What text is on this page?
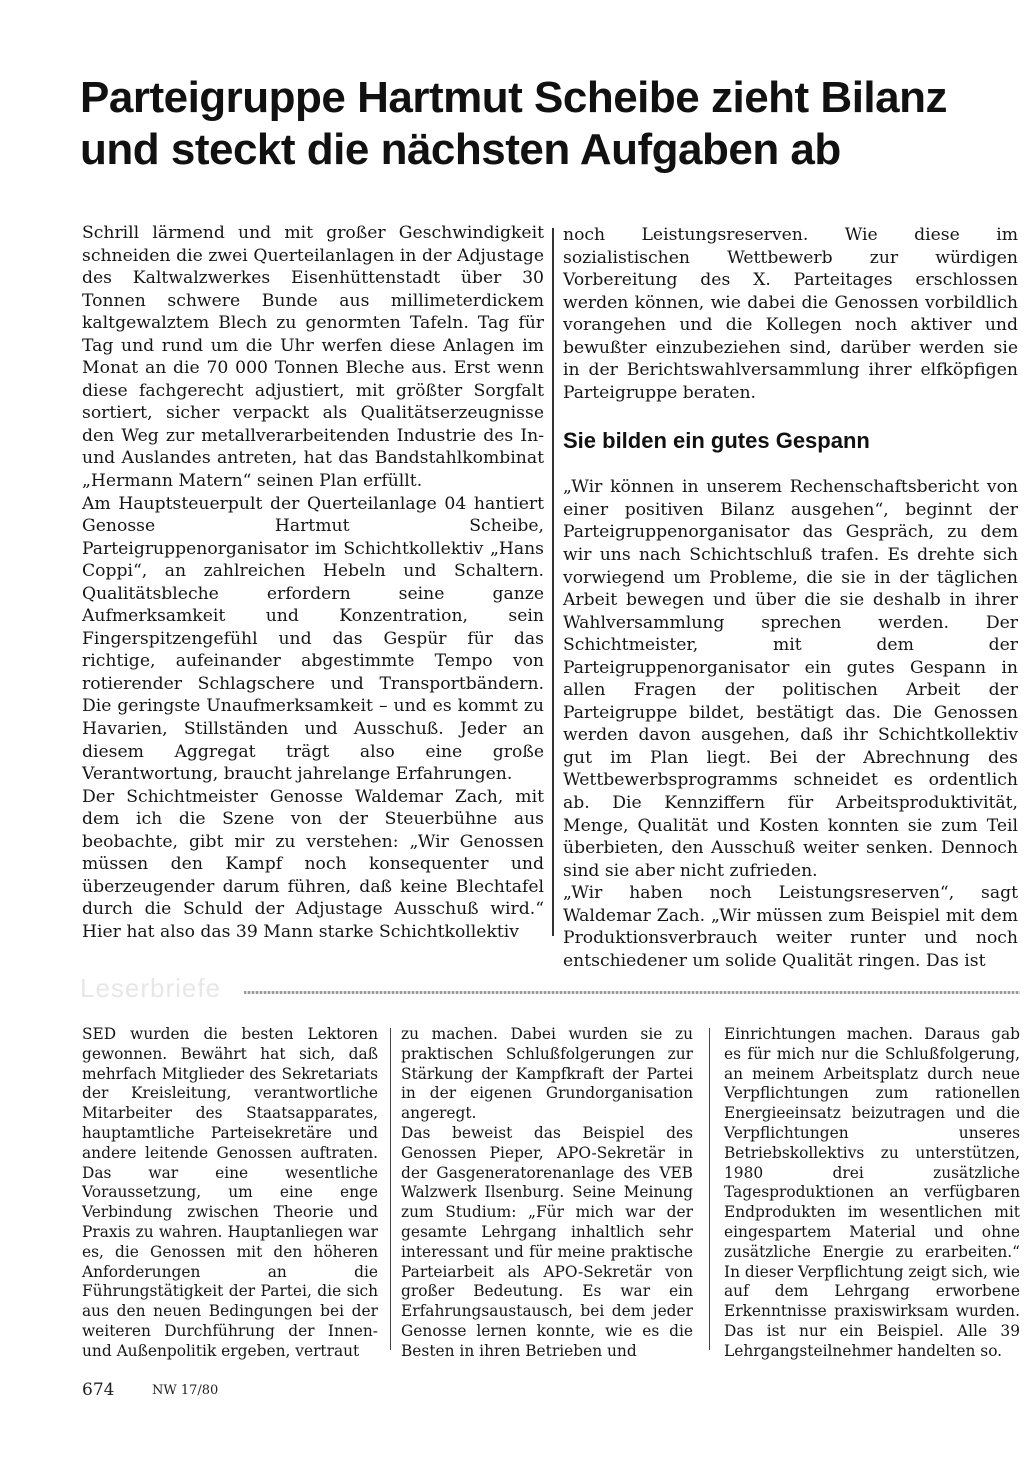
Parteigruppe Hartmut Scheibe zieht Bilanz
und steckt die nächsten Aufgaben ab

Schrill lärmend und mit großer Geschwindigkeit schneiden die zwei Querteilanlagen in der Adjustage des Kaltwalzwerkes Eisenhüttenstadt über 30 Tonnen schwere Bunde aus millimeterdickem kaltgewalztem Blech zu genormten Tafeln. Tag für Tag und rund um die Uhr werfen diese Anlagen im Monat an die 70 000 Tonnen Bleche aus. Erst wenn diese fachgerecht adjustiert, mit größter Sorgfalt sortiert, sicher verpackt als Qualitätserzeugnisse den Weg zur metallverarbeitenden Industrie des In- und Auslandes antreten, hat das Bandstahlkombinat „Hermann Matern“ seinen Plan erfüllt.

Am Hauptsteuerpult der Querteilanlage 04 hantiert Genosse Hartmut Scheibe, Parteigruppenorganisator im Schichtkollektiv „Hans Coppi“, an zahlreichen Hebeln und Schaltern. Qualitätsbleche erfordern seine ganze Aufmerksamkeit und Konzentration, sein Fingerspitzengefühl und das Gespür für das richtige, aufeinander abgestimmte Tempo von rotierender Schlagschere und Transportbändern. Die geringste Unaufmerksamkeit – und es kommt zu Havarien, Stillständen und Ausschuß. Jeder an diesem Aggregat trägt also eine große Verantwortung, braucht jahrelange Erfahrungen.

Der Schichtmeister Genosse Waldemar Zach, mit dem ich die Szene von der Steuerbühne aus beobachte, gibt mir zu verstehen: „Wir Genossen müssen den Kampf noch konsequenter und überzeugender darum führen, daß keine Blechtafel durch die Schuld der Adjustage Ausschuß wird.“ Hier hat also das 39 Mann starke Schichtkollektiv

noch Leistungsreserven. Wie diese im sozialistischen Wettbewerb zur würdigen Vorbereitung des X. Parteitages erschlossen werden können, wie dabei die Genossen vorbildlich vorangehen und die Kollegen noch aktiver und bewußter einzubeziehen sind, darüber werden sie in der Berichtswahlversammlung ihrer elfköpfigen Parteigruppe beraten.

Sie bilden ein gutes Gespann

„Wir können in unserem Rechenschaftsbericht von einer positiven Bilanz ausgehen“, beginnt der Parteigruppenorganisator das Gespräch, zu dem wir uns nach Schichtschluß trafen. Es drehte sich vorwiegend um Probleme, die sie in der täglichen Arbeit bewegen und über die sie deshalb in ihrer Wahlversammlung sprechen werden. Der Schichtmeister, mit dem der Parteigruppenorganisator ein gutes Gespann in allen Fragen der politischen Arbeit der Parteigruppe bildet, bestätigt das. Die Genossen werden davon ausgehen, daß ihr Schichtkollektiv gut im Plan liegt. Bei der Abrechnung des Wettbewerbsprogramms schneidet es ordentlich ab. Die Kennziffern für Arbeitsproduktivität, Menge, Qualität und Kosten konnten sie zum Teil überbieten, den Ausschuß weiter senken. Dennoch sind sie aber nicht zufrieden.

„Wir haben noch Leistungsreserven“, sagt Waldemar Zach. „Wir müssen zum Beispiel mit dem Produktionsverbrauch weiter runter und noch entschiedener um solide Qualität ringen. Das ist

Leserbriefe

SED wurden die besten Lektoren gewonnen. Bewährt hat sich, daß mehrfach Mitglieder des Sekretariats der Kreisleitung, verantwortliche Mitarbeiter des Staatsapparates, hauptamtliche Parteisekretäre und andere leitende Genossen auftraten. Das war eine wesentliche Voraussetzung, um eine enge Verbindung zwischen Theorie und Praxis zu wahren. Hauptanliegen war es, die Genossen mit den höheren Anforderungen an die Führungstätigkeit der Partei, die sich aus den neuen Bedingungen bei der weiteren Durchführung der Innen- und Außenpolitik ergeben, vertraut

zu machen. Dabei wurden sie zu praktischen Schlußfolgerungen zur Stärkung der Kampfkraft der Partei in der eigenen Grundorganisation angeregt.

Das beweist das Beispiel des Genossen Pieper, APO-Sekretär in der Gasgeneratorenanlage des VEB Walzwerk Ilsenburg. Seine Meinung zum Studium: „Für mich war der gesamte Lehrgang inhaltlich sehr interessant und für meine praktische Parteiarbeit als APO-Sekretär von großer Bedeutung. Es war ein Erfahrungsaustausch, bei dem jeder Genosse lernen konnte, wie es die Besten in ihren Betrieben und

Einrichtungen machen. Daraus gab es für mich nur die Schlußfolgerung, an meinem Arbeitsplatz durch neue Verpflichtungen zum rationellen Energieeinsatz beizutragen und die Verpflichtungen unseres Betriebskollektivs zu unterstützen, 1980 drei zusätzliche Tagesproduktionen an verfügbaren Endprodukten im wesentlichen mit eingespartem Material und ohne zusätzliche Energie zu erarbeiten.“ In dieser Verpflichtung zeigt sich, wie auf dem Lehrgang erworbene Erkenntnisse praxiswirksam wurden. Das ist nur ein Beispiel. Alle 39 Lehrgangsteilnehmer handelten so.

674	NW 17/80
